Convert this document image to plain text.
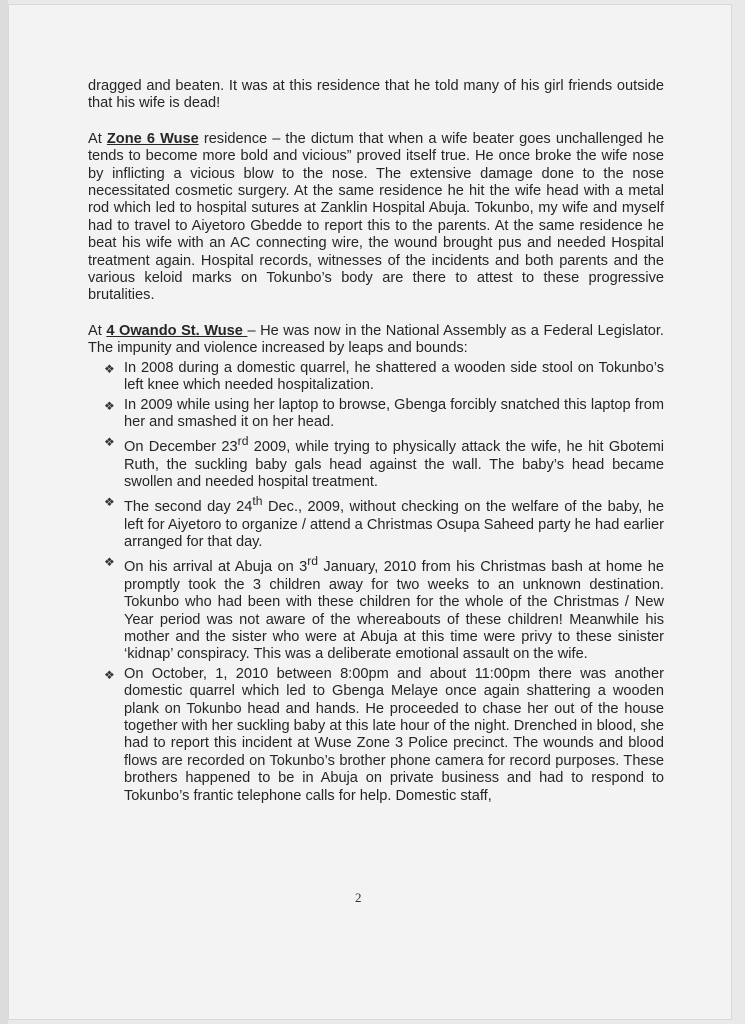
dragged and beaten. It was at this residence that he told many of his girl friends outside that his wife is dead!

At Zone 6 Wuse residence – the dictum that when a wife beater goes unchallenged he tends to become more bold and vicious” proved itself true. He once broke the wife nose by inflicting a vicious blow to the nose. The extensive damage done to the nose necessitated cosmetic surgery. At the same residence he hit the wife head with a metal rod which led to hospital sutures at Zanklin Hospital Abuja. Tokunbo, my wife and myself had to travel to Aiyetoro Gbedde to report this to the parents. At the same residence he beat his wife with an AC connecting wire, the wound brought pus and needed Hospital treatment again. Hospital records, witnesses of the incidents and both parents and the various keloid marks on Tokunbo’s body are there to attest to these progressive brutalities.

At 4 Owando St. Wuse – He was now in the National Assembly as a Federal Legislator. The impunity and violence increased by leaps and bounds:

❖ In 2008 during a domestic quarrel, he shattered a wooden side stool on Tokunbo’s left knee which needed hospitalization.
❖ In 2009 while using her laptop to browse, Gbenga forcibly snatched this laptop from her and smashed it on her head.
❖ On December 23rd 2009, while trying to physically attack the wife, he hit Gbotemi Ruth, the suckling baby gals head against the wall. The baby’s head became swollen and needed hospital treatment.
❖ The second day 24th Dec., 2009, without checking on the welfare of the baby, he left for Aiyetoro to organize / attend a Christmas Osupa Saheed party he had earlier arranged for that day.
❖ On his arrival at Abuja on 3rd January, 2010 from his Christmas bash at home he promptly took the 3 children away for two weeks to an unknown destination. Tokunbo who had been with these children for the whole of the Christmas / New Year period was not aware of the whereabouts of these children! Meanwhile his mother and the sister who were at Abuja at this time were privy to these sinister ‘kidnap’ conspiracy. This was a deliberate emotional assault on the wife.
❖ On October, 1, 2010 between 8:00pm and about 11:00pm there was another domestic quarrel which led to Gbenga Melaye once again shattering a wooden plank on Tokunbo head and hands. He proceeded to chase her out of the house together with her suckling baby at this late hour of the night. Drenched in blood, she had to report this incident at Wuse Zone 3 Police precinct. The wounds and blood flows are recorded on Tokunbo’s brother phone camera for record purposes. These brothers happened to be in Abuja on private business and had to respond to Tokunbo’s frantic telephone calls for help. Domestic staff,
2
